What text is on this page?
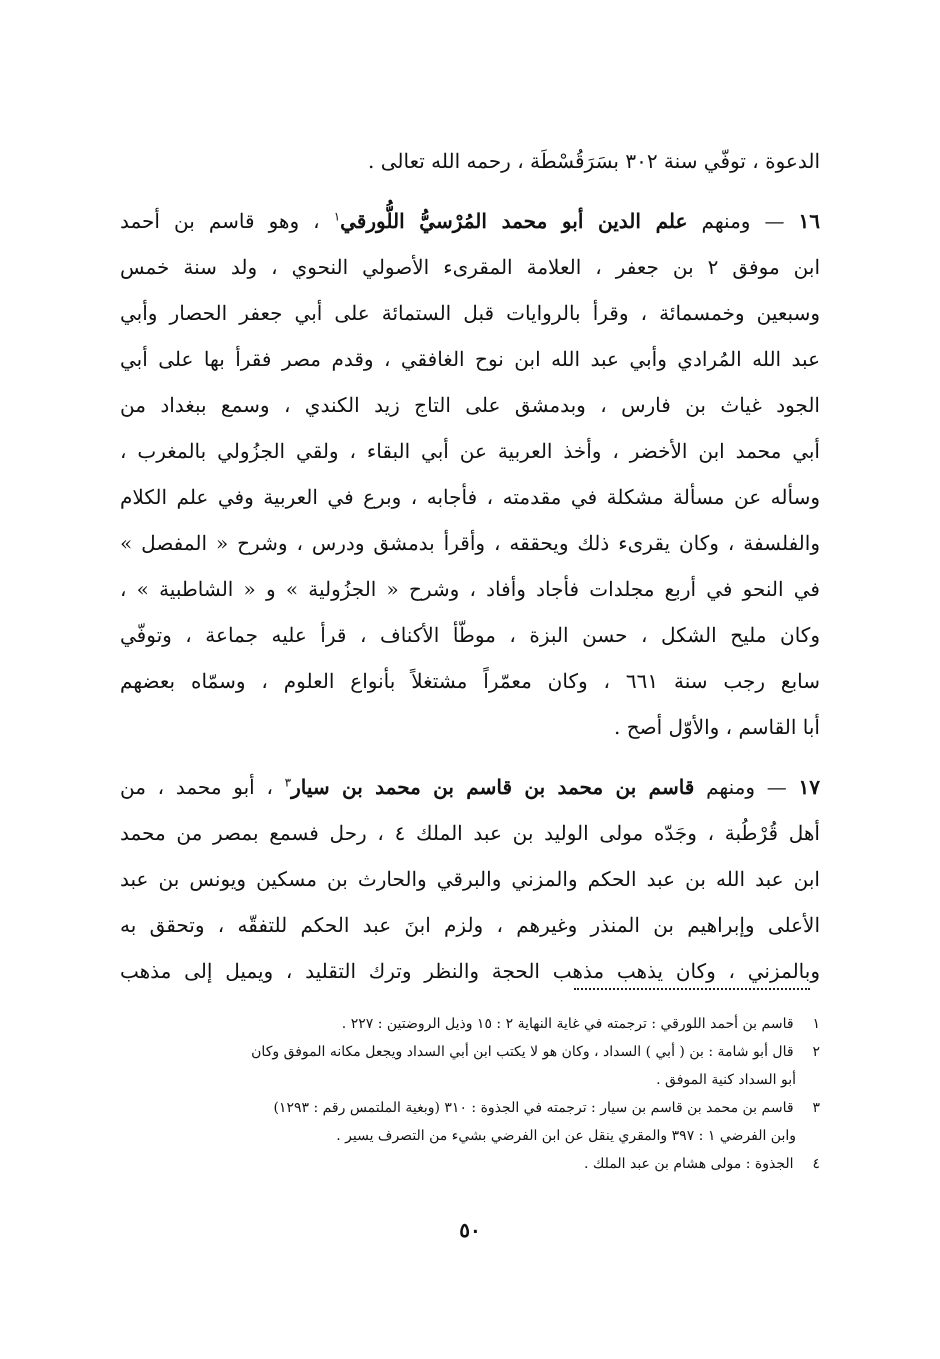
الدعوة ، توفّي سنة ٣٠٢ بسَرَقُسْطَة ، رحمه الله تعالى .
١٦ — ومنهم علم الدين أبو محمد المُرْسيُّ اللُّورقي$^١$ ، وهو قاسم بن أحمد
ابن موفق ٢ بن جعفر ، العلامة المقرىء الأصولي النحوي ، ولد سنة خمس
وسبعين وخمسمائة ، وقرأ بالروايات قبل الستمائة على أبي جعفر الحصار وأبي
عبد الله المُرادي وأبي عبد الله ابن نوح الغافقي ، وقدم مصر فقرأ بها على أبي
الجود غياث بن فارس ، وبدمشق على التاج زيد الكندي ، وسمع ببغداد من
أبي محمد ابن الأخضر ، وأخذ العربية عن أبي البقاء ، ولقي الجزُولي بالمغرب ،
وسأله عن مسألة مشكلة في مقدمته ، فأجابه ، وبرع في العربية وفي علم الكلام
والفلسفة ، وكان يقرىء ذلك ويحققه ، وأقرأ بدمشق ودرس ، وشرح « المفصل »
في النحو في أربع مجلدات فأجاد وأفاد ، وشرح « الجزُولية » و « الشاطبية » ،
وكان مليح الشكل ، حسن البزة ، موطّأ الأكناف ، قرأ عليه جماعة ، وتوفّي
سابع رجب سنة ٦٦١ ، وكان معمّراً مشتغلاً بأنواع العلوم ، وسمّاه بعضهم
أبا القاسم ، والأوّل أصح .
١٧ — ومنهم قاسم بن محمد بن قاسم بن محمد بن سيار$^٣$ ، أبو محمد ، من
أهل قُرْطُبة ، وجَدّه مولى الوليد بن عبد الملك ٤ ، رحل فسمع بمصر من محمد
ابن عبد الله بن عبد الحكم والمزني والبرقي والحارث بن مسكين ويونس بن عبد
الأعلى وإبراهيم بن المنذر وغيرهم ، ولزم ابنَ عبد الحكم للتفقّه ، وتحقق به
وبالمزني ، وكان يذهب مذهب الحجة والنظر وترك التقليد ، ويميل إلى مذهب
١ قاسم بن أحمد اللورقي : ترجمته في غاية النهاية ٢ : ١٥ وذيل الروضتين : ٢٢٧ .
٢ قال أبو شامة : بن ( أبي ) السداد ، وكان هو لا يكتب ابن أبي السداد ويجعل مكانه الموفق وكان
أبو السداد كنية الموفق .
٣ قاسم بن محمد بن قاسم بن سيار : ترجمته في الجذوة : ٣١٠ (وبغية الملتمس رقم : ١٢٩٣)
وابن الفرضي ١ : ٣٩٧ والمقري ينقل عن ابن الفرضي بشيء من التصرف يسير .
٤ الجذوة : مولى هشام بن عبد الملك .
٥٠
